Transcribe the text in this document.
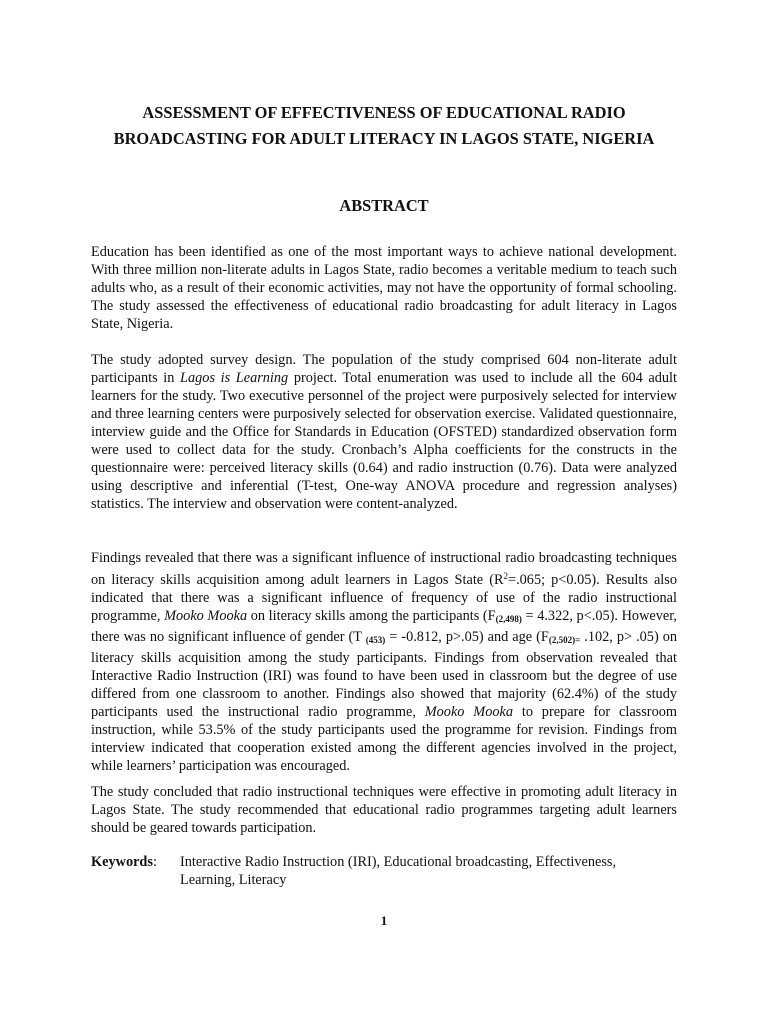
ASSESSMENT OF EFFECTIVENESS OF EDUCATIONAL RADIO
BROADCASTING FOR ADULT LITERACY IN LAGOS STATE, NIGERIA
ABSTRACT

Education has been identified as one of the most important ways to achieve national development. With three million non-literate adults in Lagos State, radio becomes a veritable medium to teach such adults who, as a result of their economic activities, may not have the opportunity of formal schooling. The study assessed the effectiveness of educational radio broadcasting for adult literacy in Lagos State, Nigeria.

The study adopted survey design. The population of the study comprised 604 non-literate adult participants in Lagos is Learning project. Total enumeration was used to include all the 604 adult learners for the study. Two executive personnel of the project were purposively selected for interview and three learning centers were purposively selected for observation exercise. Validated questionnaire, interview guide and the Office for Standards in Education (OFSTED) standardized observation form were used to collect data for the study. Cronbach’s Alpha coefficients for the constructs in the questionnaire were: perceived literacy skills (0.64) and radio instruction (0.76). Data were analyzed using descriptive and inferential (T-test, One-way ANOVA procedure and regression analyses) statistics. The interview and observation were content-analyzed.

Findings revealed that there was a significant influence of instructional radio broadcasting techniques on literacy skills acquisition among adult learners in Lagos State ($R^2=.065$; p<0.05). Results also indicated that there was a significant influence of frequency of use of the radio instructional programme, Mooko Mooka on literacy skills among the participants ($F_{(2,498)} = 4.322$, p<.05). However, there was no significant influence of gender (T $_{(453)}$ = -0.812, p>.05) and age ($F_{(2,502)=}$ .102, p> .05) on literacy skills acquisition among the study participants. Findings from observation revealed that Interactive Radio Instruction (IRI) was found to have been used in classroom but the degree of use differed from one classroom to another. Findings also showed that majority (62.4%) of the study participants used the instructional radio programme, Mooko Mooka to prepare for classroom instruction, while 53.5% of the study participants used the programme for revision. Findings from interview indicated that cooperation existed among the different agencies involved in the project, while learners’ participation was encouraged.

The study concluded that radio instructional techniques were effective in promoting adult literacy in Lagos State. The study recommended that educational radio programmes targeting adult learners should be geared towards participation.

Keywords: Interactive Radio Instruction (IRI), Educational broadcasting, Effectiveness, Learning, Literacy
1
